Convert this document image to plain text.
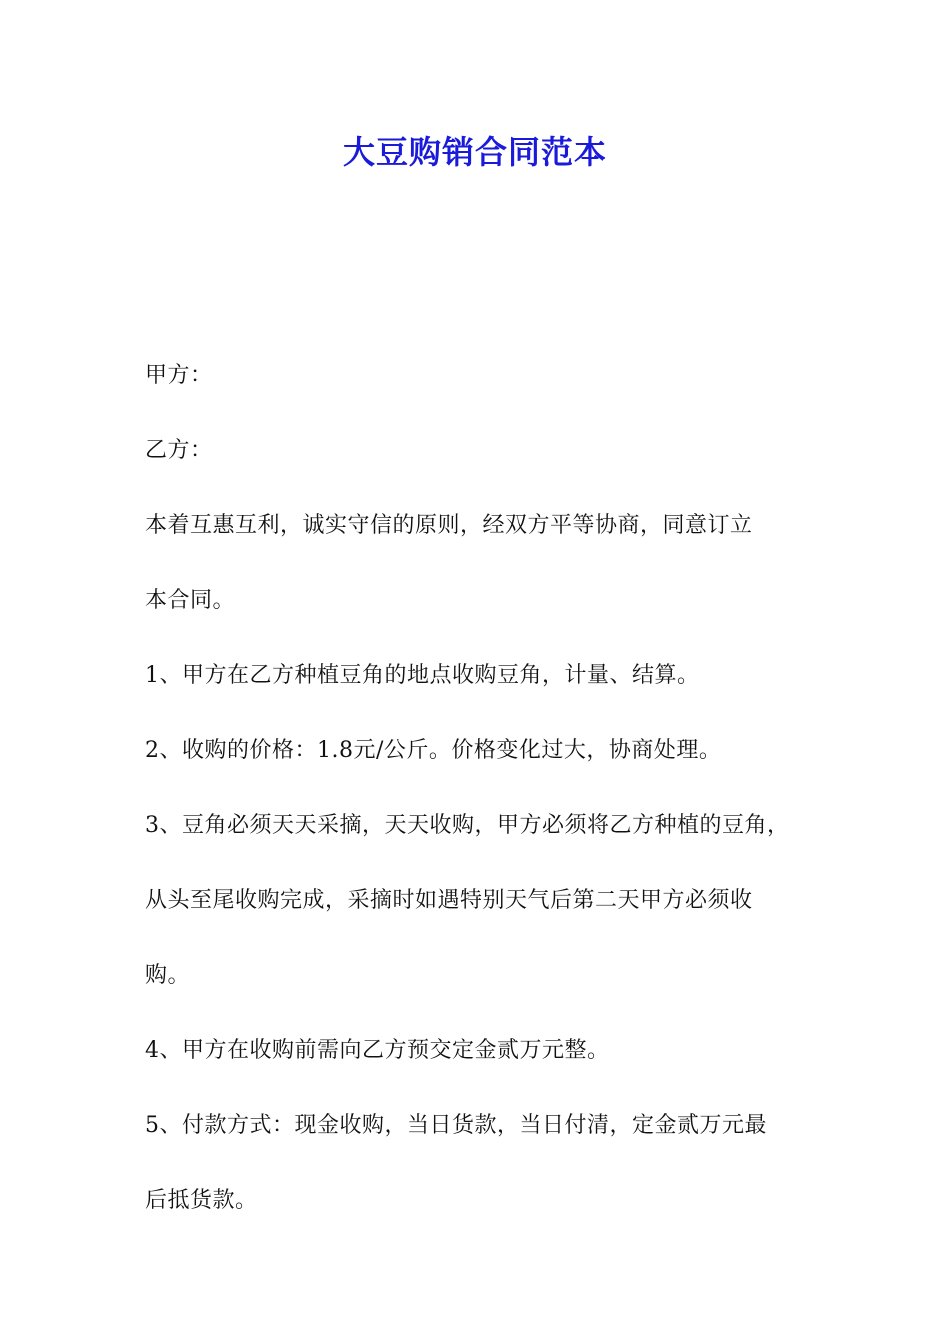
大豆购销合同范本

甲方：

乙方：

本着互惠互利，诚实守信的原则，经双方平等协商，同意订立

本合同。

1、甲方在乙方种植豆角的地点收购豆角，计量、结算。

2、收购的价格：1.8元/公斤。价格变化过大，协商处理。

3、豆角必须天天采摘，天天收购，甲方必须将乙方种植的豆角，

从头至尾收购完成，采摘时如遇特别天气后第二天甲方必须收

购。

4、甲方在收购前需向乙方预交定金贰万元整。

5、付款方式：现金收购，当日货款，当日付清，定金贰万元最

后抵货款。
